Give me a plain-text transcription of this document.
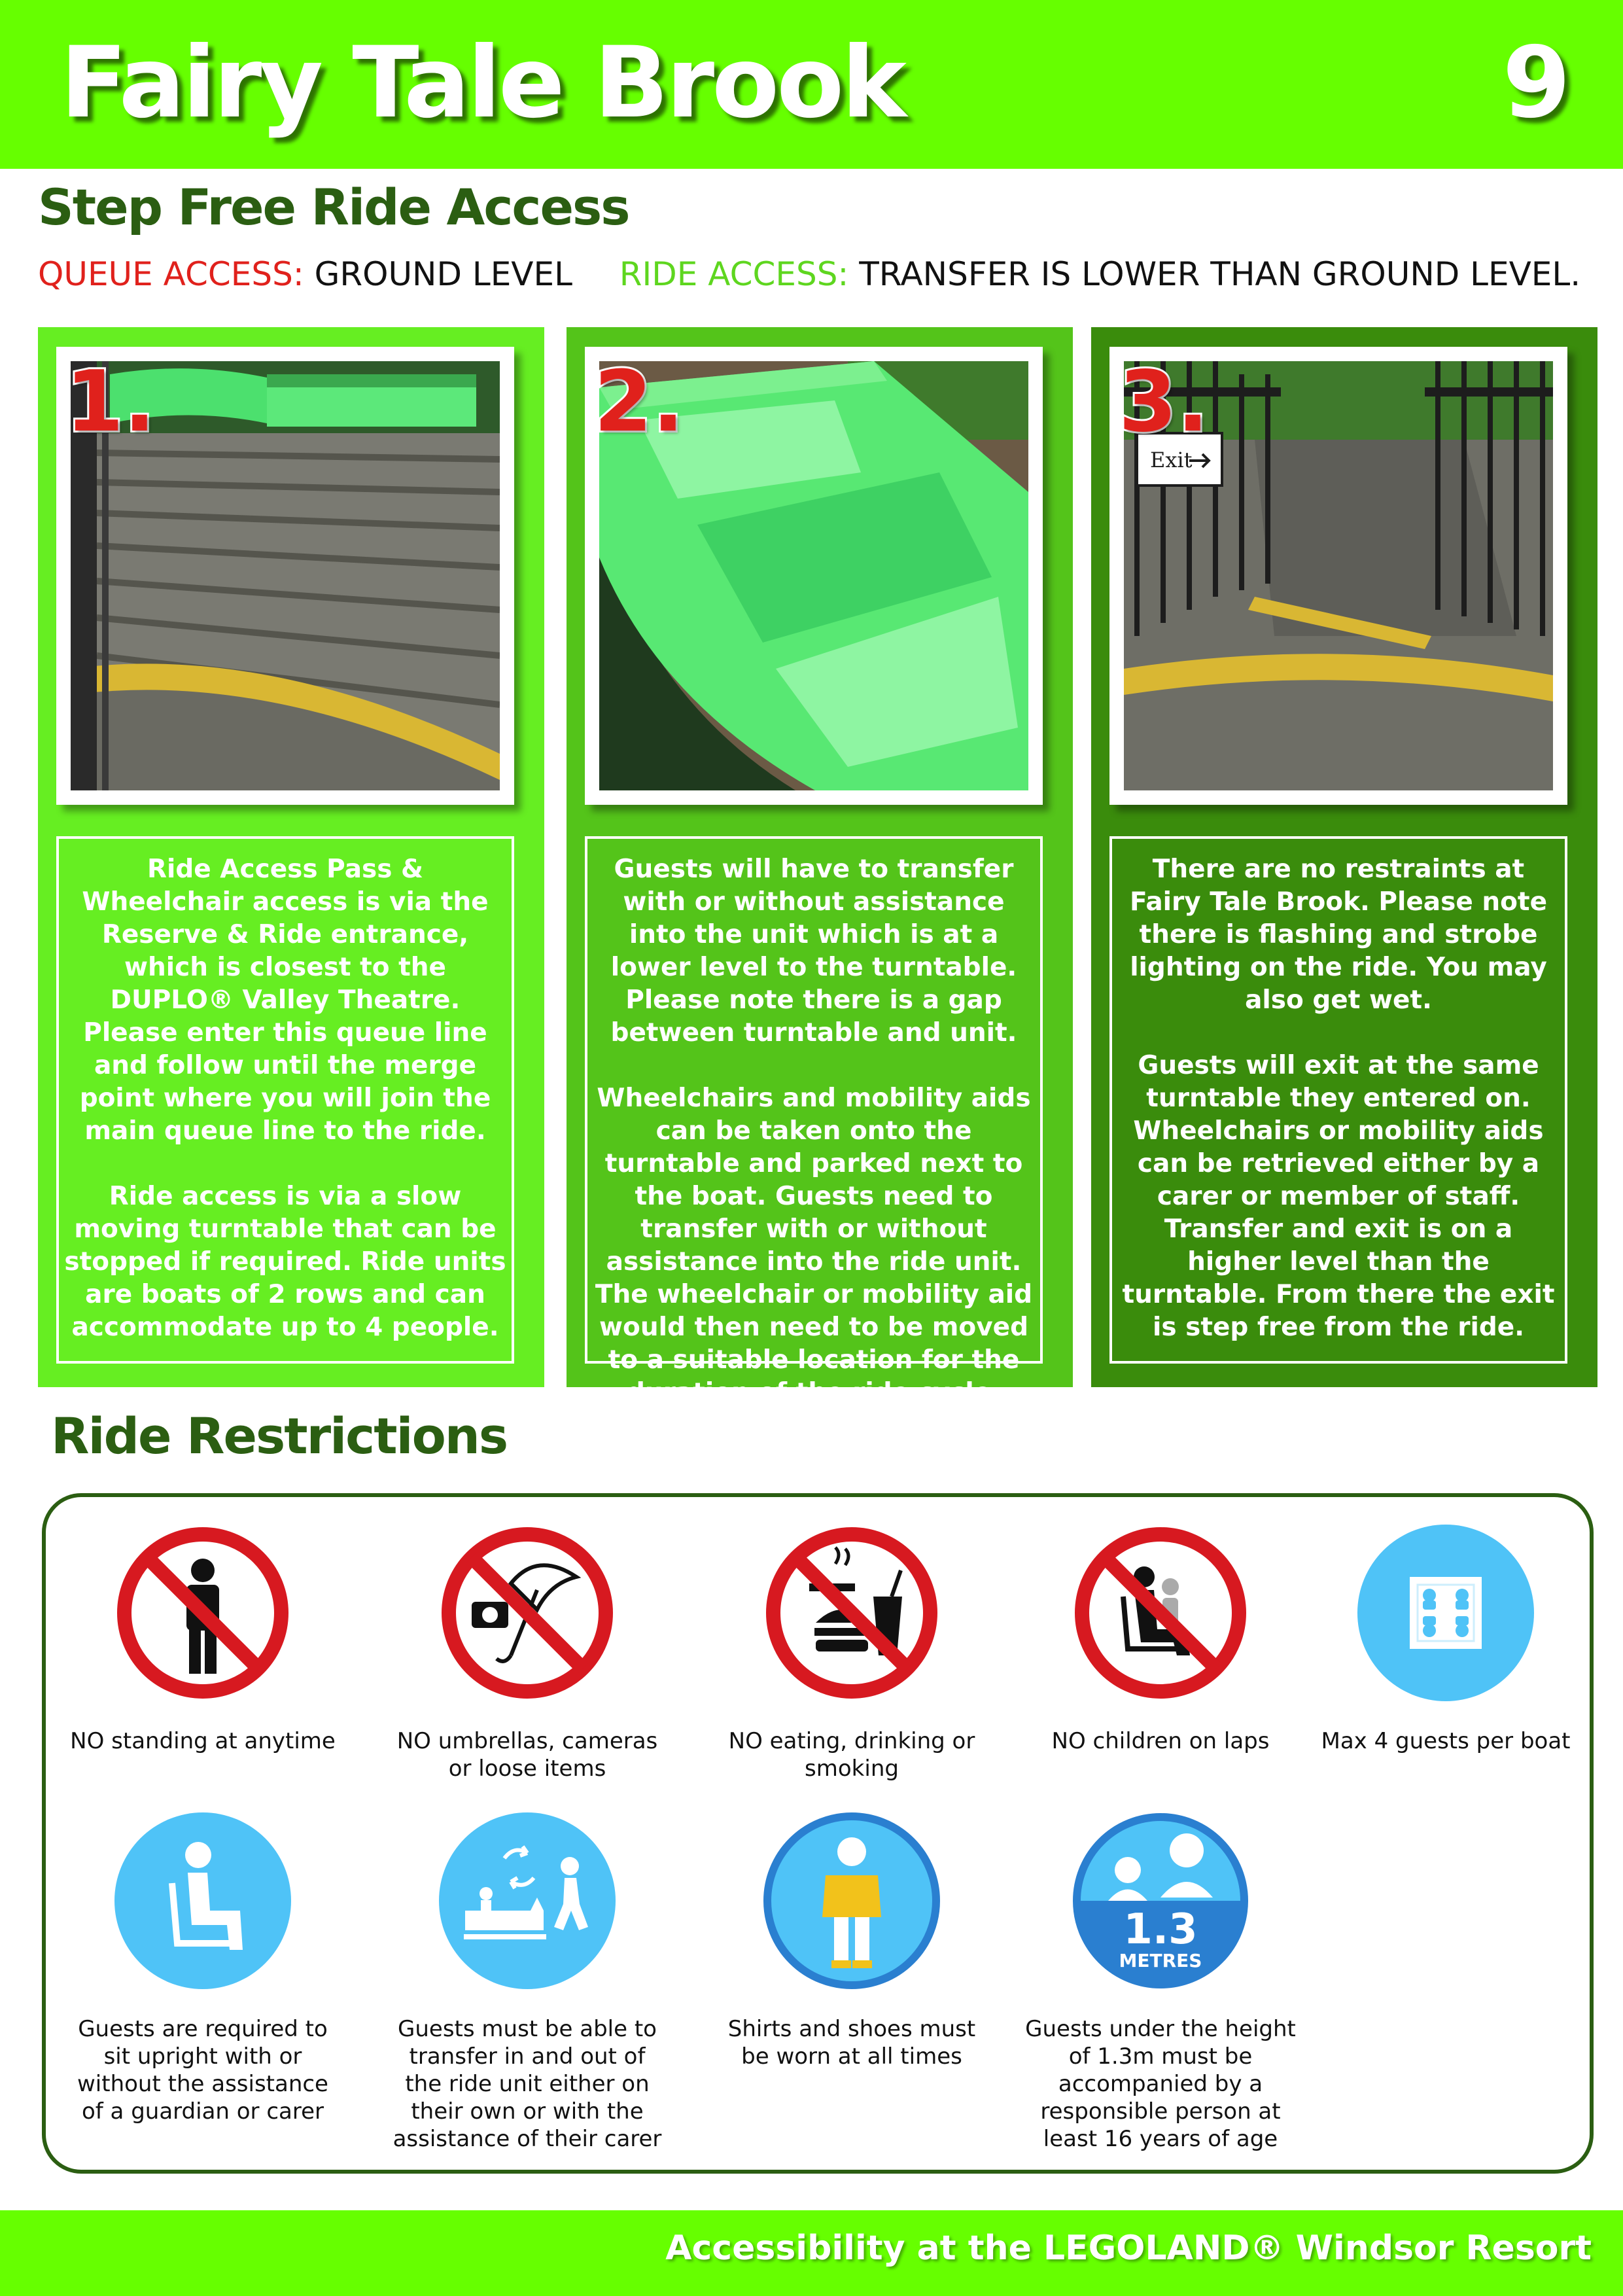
Fairy Tale Brook	9
Step Free Ride Access
QUEUE ACCESS: GROUND LEVEL RIDE ACCESS: TRANSFER IS LOWER THAN GROUND LEVEL.
1.

Ride Access Pass & Wheelchair access is via the Reserve & Ride entrance, which is closest to the DUPLO® Valley Theatre. Please enter this queue line and follow until the merge point where you will join the main queue line to the ride.

Ride access is via a slow moving turntable that can be stopped if required. Ride units are boats of 2 rows and can accommodate up to 4 people.

2.

Guests will have to transfer with or without assistance into the unit which is at a lower level to the turntable. Please note there is a gap between turntable and unit.

Wheelchairs and mobility aids can be taken onto the turntable and parked next to the boat. Guests need to transfer with or without assistance into the ride unit. The wheelchair or mobility aid would then need to be moved to a suitable location for the duration of the ride cycle.

Exit
3.

There are no restraints at Fairy Tale Brook. Please note there is flashing and strobe lighting on the ride. You may also get wet.

Guests will exit at the same turntable they entered on. Wheelchairs or mobility aids can be retrieved either by a carer or member of staff. Transfer and exit is on a higher level than the turntable. From there the exit is step free from the ride.

Ride Restrictions
NO standing at anytime	NO umbrellas, cameras or loose items
NO eating, drinking or smoking
NO children on laps	Max 4 guests per boat
Guests are required to sit upright with or without the assistance of a guardian or carer
Guests must be able to transfer in and out of the ride unit either on their own or with the assistance of their carer
Shirts and shoes must be worn at all times
1.3
METRES
Guests under the height of 1.3m must be accompanied by a responsible person at least 16 years of age
Accessibility at the LEGOLAND® Windsor Resort
